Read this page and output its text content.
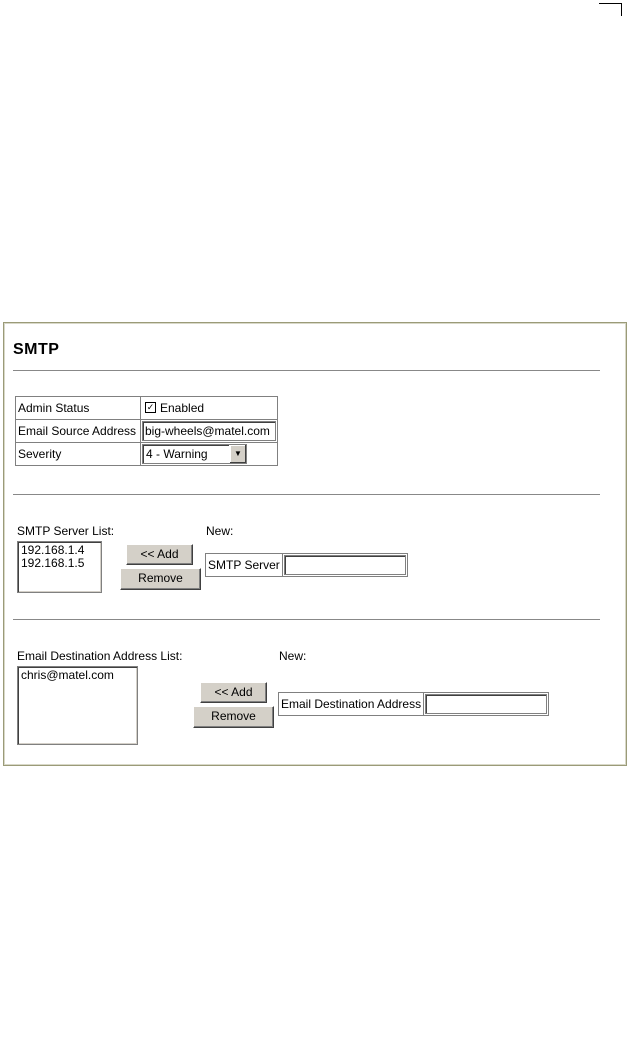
SMTP
Admin Status	✓ Enabled
Email Source Address	big-wheels@matel.com
Severity	4 - Warning ▼
SMTP Server List:	New:
192.168.1.4
192.168.1.5
<< Add
Remove
SMTP Server	
Email Destination Address List:	New:
chris@matel.com
<< Add
Remove
Email Destination Address	
